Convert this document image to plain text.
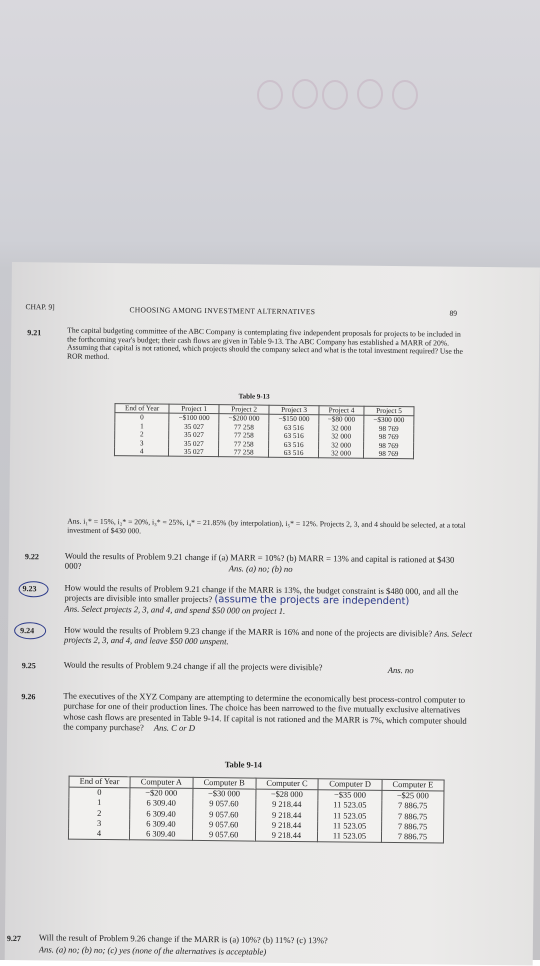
CHAP. 9]	CHOOSING AMONG INVESTMENT ALTERNATIVES	89
9.21	The capital budgeting committee of the ABC Company is contemplating five independent proposals for projects to be included in the forthcoming year's budget; their cash flows are given in Table 9-13. The ABC Company has established a MARR of 20%. Assuming that capital is not rationed, which projects should the company select and what is the total investment required? Use the ROR method.
Table 9-13
End of Year	Project 1	Project 2	Project 3	Project 4	Project 5
0	−$100 000	−$200 000	−$150 000	−$80 000	−$300 000
1	35 027	77 258	63 516	32 000	98 769
2	35 027	77 258	63 516	32 000	98 769
3	35 027	77 258	63 516	32 000	98 769
4	35 027	77 258	63 516	32 000	98 769
Ans. i₁* = 15%, i₂* = 20%, i₃* = 25%, i₄* = 21.85% (by interpolation), i₅* = 12%. Projects 2, 3, and 4 should be selected, at a total investment of $430 000.
9.22	Would the results of Problem 9.21 change if (a) MARR = 10%? (b) MARR = 13% and capital is rationed at $430 000?	Ans. (a) no; (b) no
9.23	How would the results of Problem 9.21 change if the MARR is 13%, the budget constraint is $480 000, and all the projects are divisible into smaller projects? (assume the projects are independent)
Ans. Select projects 2, 3, and 4, and spend $50 000 on project 1.
9.24	How would the results of Problem 9.23 change if the MARR is 16% and none of the projects are divisible? Ans. Select projects 2, 3, and 4, and leave $50 000 unspent.
9.25	Would the results of Problem 9.24 change if all the projects were divisible?	Ans. no
9.26	The executives of the XYZ Company are attempting to determine the economically best process-control computer to purchase for one of their production lines. The choice has been narrowed to the five mutually exclusive alternatives whose cash flows are presented in Table 9-14. If capital is not rationed and the MARR is 7%, which computer should the company purchase? Ans. C or D
Table 9-14
End of Year	Computer A	Computer B	Computer C	Computer D	Computer E
0	−$20 000	−$30 000	−$28 000	−$35 000	−$25 000
1	6 309.40	9 057.60	9 218.44	11 523.05	7 886.75
2	6 309.40	9 057.60	9 218.44	11 523.05	7 886.75
3	6 309.40	9 057.60	9 218.44	11 523.05	7 886.75
4	6 309.40	9 057.60	9 218.44	11 523.05	7 886.75
9.27 Will the result of Problem 9.26 change if the MARR is (a) 10%? (b) 11%? (c) 13%?
Ans. (a) no; (b) no; (c) yes (none of the alternatives is acceptable)
